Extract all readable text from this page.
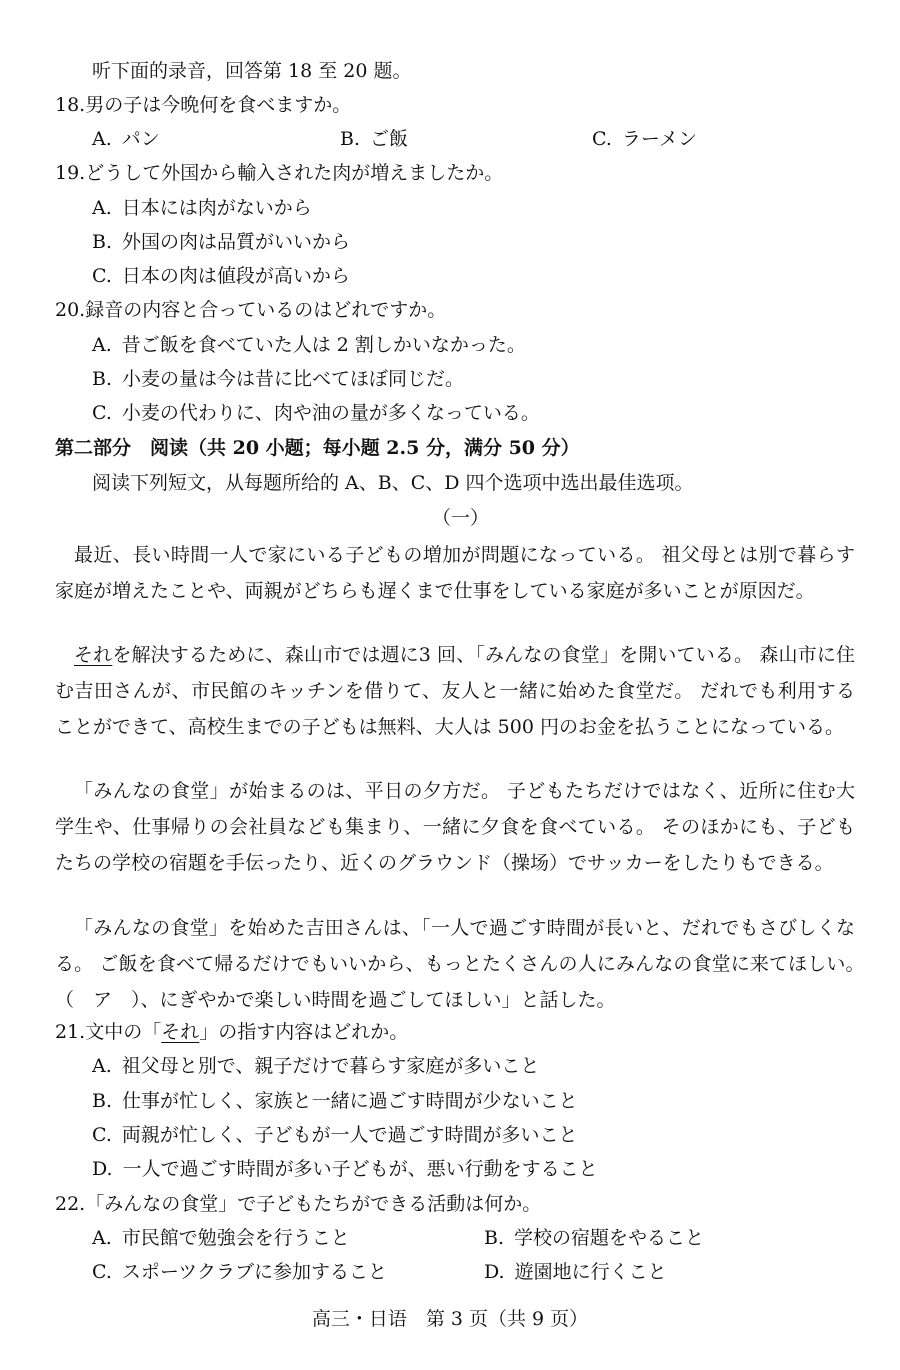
听下面的录音，回答第 18 至 20 题。
18.男の子は今晩何を食べますか。
A. パン	B. ご飯	C. ラーメン
19.どうして外国から輸入された肉が増えましたか。
A. 日本には肉がないから
B. 外国の肉は品質がいいから
C. 日本の肉は値段が高いから
20.録音の内容と合っているのはどれですか。
A. 昔ご飯を食べていた人は 2 割しかいなかった。
B. 小麦の量は今は昔に比べてほぼ同じだ。
C. 小麦の代わりに、肉や油の量が多くなっている。
第二部分　阅读（共 20 小题；每小题 2.5 分，满分 50 分）
阅读下列短文，从每题所给的 A、B、C、D 四个选项中选出最佳选项。
（一）
最近、長い時間一人で家にいる子どもの増加が問題になっている。 祖父母とは別で暮らす家庭が増えたことや、両親がどちらも遅くまで仕事をしている家庭が多いことが原因だ。
それを解決するために、森山市では週に3 回、「みんなの食堂」を開いている。 森山市に住む吉田さんが、市民館のキッチンを借りて、友人と一緒に始めた食堂だ。 だれでも利用することができて、高校生までの子どもは無料、大人は 500 円のお金を払うことになっている。
「みんなの食堂」が始まるのは、平日の夕方だ。 子どもたちだけではなく、近所に住む大学生や、仕事帰りの会社員なども集まり、一緒に夕食を食べている。 そのほかにも、子どもたちの学校の宿題を手伝ったり、近くのグラウンド（操场）でサッカーをしたりもできる。
「みんなの食堂」を始めた吉田さんは、「一人で過ごす時間が長いと、だれでもさびしくなる。 ご飯を食べて帰るだけでもいいから、もっとたくさんの人にみんなの食堂に来てほしい。　（　ア　）、にぎやかで楽しい時間を過ごしてほしい」と話した。
21.文中の「それ」の指す内容はどれか。
A. 祖父母と別で、親子だけで暮らす家庭が多いこと
B. 仕事が忙しく、家族と一緒に過ごす時間が少ないこと
C. 両親が忙しく、子どもが一人で過ごす時間が多いこと
D. 一人で過ごす時間が多い子どもが、悪い行動をすること
22.「みんなの食堂」で子どもたちができる活動は何か。
A. 市民館で勉強会を行うこと	B. 学校の宿題をやること
C. スポーツクラブに参加すること	D. 遊園地に行くこと
高三・日语　第 3 页（共 9 页）
